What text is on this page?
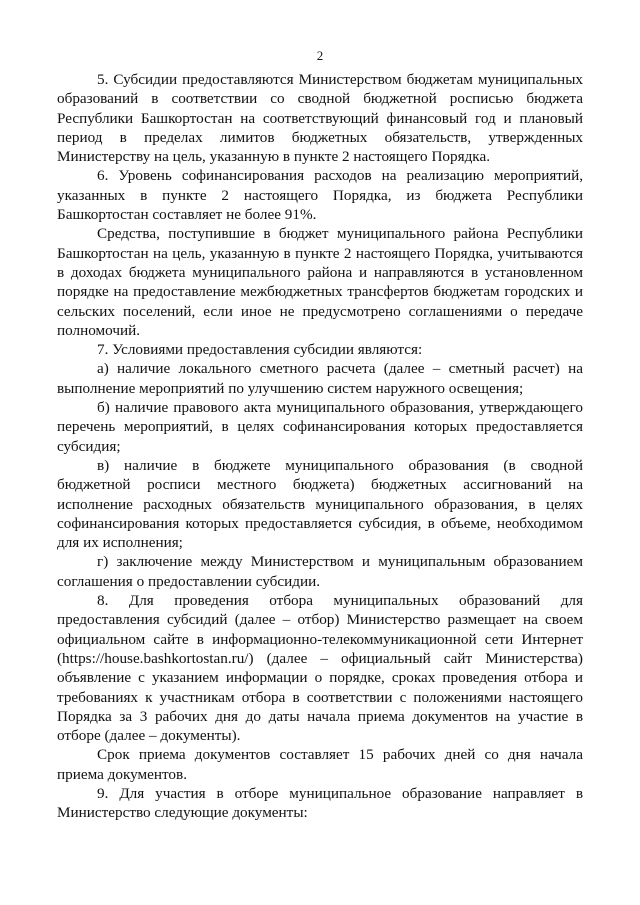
2

5. Субсидии предоставляются Министерством бюджетам муниципальных образований в соответствии со сводной бюджетной росписью бюджета Республики Башкортостан на соответствующий финансовый год и плановый период в пределах лимитов бюджетных обязательств, утвержденных Министерству на цель, указанную в пункте 2 настоящего Порядка.

6. Уровень софинансирования расходов на реализацию мероприятий, указанных в пункте 2 настоящего Порядка, из бюджета Республики Башкортостан составляет не более 91%.

Средства, поступившие в бюджет муниципального района Республики Башкортостан на цель, указанную в пункте 2 настоящего Порядка, учитываются в доходах бюджета муниципального района и направляются в установленном порядке на предоставление межбюджетных трансфертов бюджетам городских и сельских поселений, если иное не предусмотрено соглашениями о передаче полномочий.

7. Условиями предоставления субсидии являются:

а) наличие локального сметного расчета (далее – сметный расчет) на выполнение мероприятий по улучшению систем наружного освещения;

б) наличие правового акта муниципального образования, утверждающего перечень мероприятий, в целях софинансирования которых предоставляется субсидия;

в) наличие в бюджете муниципального образования (в сводной бюджетной росписи местного бюджета) бюджетных ассигнований на исполнение расходных обязательств муниципального образования, в целях софинансирования которых предоставляется субсидия, в объеме, необходимом для их исполнения;

г) заключение между Министерством и муниципальным образованием соглашения о предоставлении субсидии.

8. Для проведения отбора муниципальных образований для предоставления субсидий (далее – отбор) Министерство размещает на своем официальном сайте в информационно-телекоммуникационной сети Интернет (https://house.bashkortostan.ru/) (далее – официальный сайт Министерства) объявление с указанием информации о порядке, сроках проведения отбора и требованиях к участникам отбора в соответствии с положениями настоящего Порядка за 3 рабочих дня до даты начала приема документов на участие в отборе (далее – документы).

Срок приема документов составляет 15 рабочих дней со дня начала приема документов.

9. Для участия в отборе муниципальное образование направляет в Министерство следующие документы:
